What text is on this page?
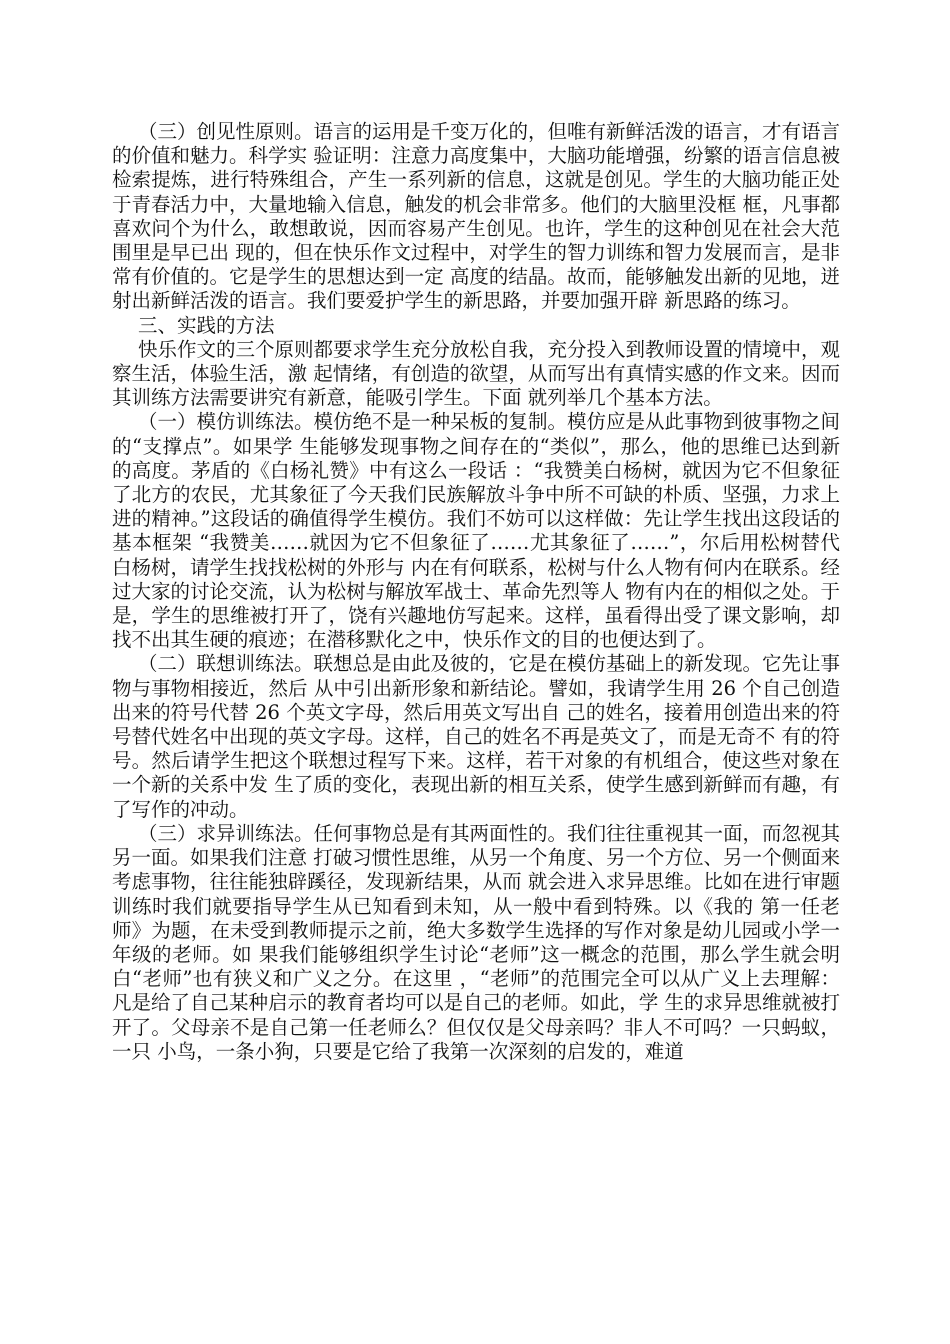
（三）创见性原则。语言的运用是千变万化的，但唯有新鲜活泼的语言，才有语言的价值和魅力。科学实 验证明：注意力高度集中，大脑功能增强，纷繁的语言信息被检索提炼，进行特殊组合，产生一系列新的信息，这就是创见。学生的大脑功能正处于青春活力中，大量地输入信息，触发的机会非常多。他们的大脑里没框 框，凡事都喜欢问个为什么，敢想敢说，因而容易产生创见。也许，学生的这种创见在社会大范围里是早已出 现的，但在快乐作文过程中，对学生的智力训练和智力发展而言，是非常有价值的。它是学生的思想达到一定 高度的结晶。故而，能够触发出新的见地，迸射出新鲜活泼的语言。我们要爱护学生的新思路，并要加强开辟 新思路的练习。

三、实践的方法

快乐作文的三个原则都要求学生充分放松自我，充分投入到教师设置的情境中，观察生活，体验生活，激 起情绪，有创造的欲望，从而写出有真情实感的作文来。因而其训练方法需要讲究有新意，能吸引学生。下面 就列举几个基本方法。

（一）模仿训练法。模仿绝不是一种呆板的复制。模仿应是从此事物到彼事物之间的“支撑点”。如果学 生能够发现事物之间存在的“类似”，那么，他的思维已达到新的高度。茅盾的《白杨礼赞》中有这么一段话 ：“我赞美白杨树，就因为它不但象征了北方的农民，尤其象征了今天我们民族解放斗争中所不可缺的朴质、坚强，力求上进的精神。”这段话的确值得学生模仿。我们不妨可以这样做：先让学生找出这段话的基本框架 “我赞美……就因为它不但象征了……尤其象征了……”，尔后用松树替代白杨树，请学生找找松树的外形与 内在有何联系，松树与什么人物有何内在联系。经过大家的讨论交流，认为松树与解放军战士、革命先烈等人 物有内在的相似之处。于是，学生的思维被打开了，饶有兴趣地仿写起来。这样，虽看得出受了课文影响，却 找不出其生硬的痕迹；在潜移默化之中，快乐作文的目的也便达到了。

（二）联想训练法。联想总是由此及彼的，它是在模仿基础上的新发现。它先让事物与事物相接近，然后 从中引出新形象和新结论。譬如，我请学生用 26 个自己创造出来的符号代替 26 个英文字母，然后用英文写出自 己的姓名，接着用创造出来的符号替代姓名中出现的英文字母。这样，自己的姓名不再是英文了，而是无奇不 有的符号。然后请学生把这个联想过程写下来。这样，若干对象的有机组合，使这些对象在一个新的关系中发 生了质的变化，表现出新的相互关系，使学生感到新鲜而有趣，有了写作的冲动。

（三）求异训练法。任何事物总是有其两面性的。我们往往重视其一面，而忽视其另一面。如果我们注意 打破习惯性思维，从另一个角度、另一个方位、另一个侧面来考虑事物，往往能独辟蹊径，发现新结果，从而 就会进入求异思维。比如在进行审题训练时我们就要指导学生从已知看到未知，从一般中看到特殊。以《我的 第一任老师》为题，在未受到教师提示之前，绝大多数学生选择的写作对象是幼儿园或小学一年级的老师。如 果我们能够组织学生讨论“老师”这一概念的范围，那么学生就会明白“老师”也有狭义和广义之分。在这里 ，“老师”的范围完全可以从广义上去理解：凡是给了自己某种启示的教育者均可以是自己的老师。如此，学 生的求异思维就被打开了。父母亲不是自己第一任老师么？但仅仅是父母亲吗？非人不可吗？一只蚂蚁，一只 小鸟，一条小狗，只要是它给了我第一次深刻的启发的，难道
